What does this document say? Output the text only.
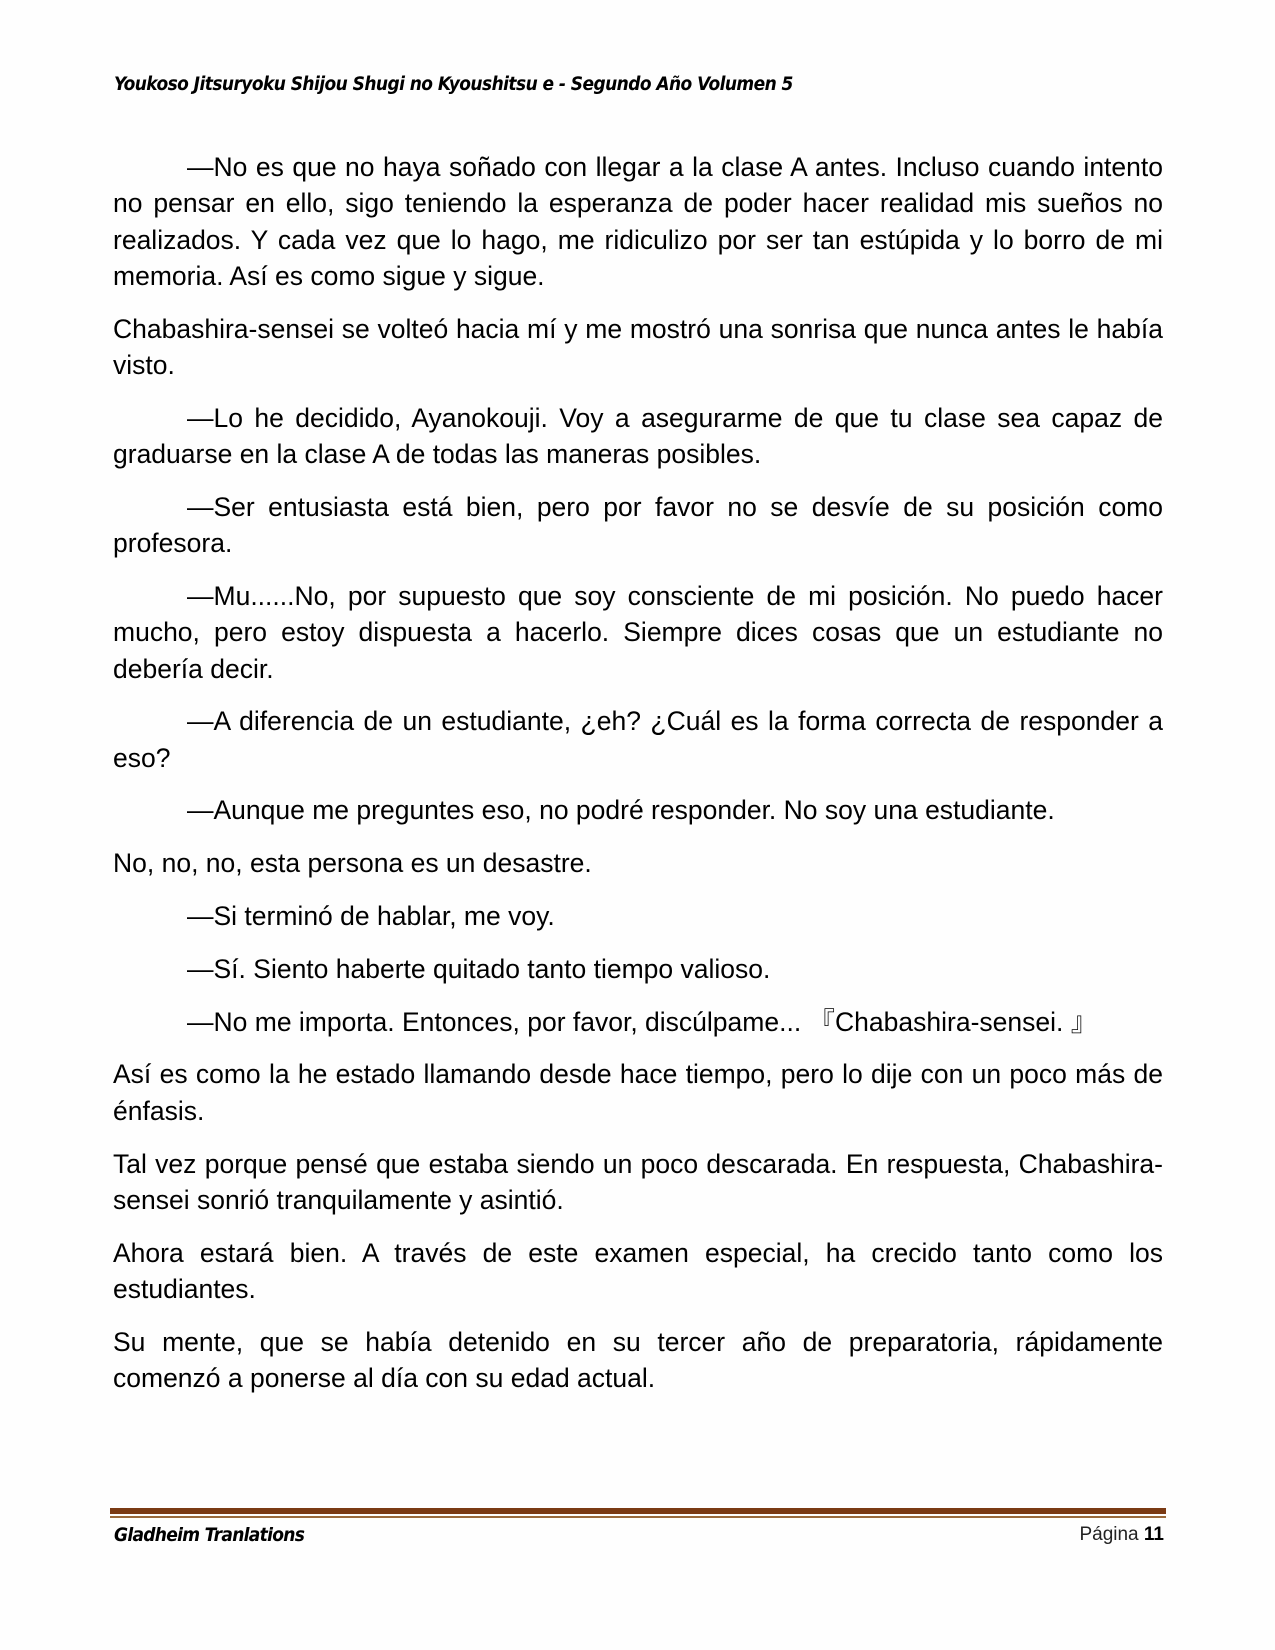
Youkoso Jitsuryoku Shijou Shugi no Kyoushitsu e - Segundo Año Volumen 5

—No es que no haya soñado con llegar a la clase A antes. Incluso cuando intento no pensar en ello, sigo teniendo la esperanza de poder hacer realidad mis sueños no realizados. Y cada vez que lo hago, me ridiculizo por ser tan estúpida y lo borro de mi memoria. Así es como sigue y sigue.

Chabashira-sensei se volteó hacia mí y me mostró una sonrisa que nunca antes le había visto.

—Lo he decidido, Ayanokouji. Voy a asegurarme de que tu clase sea capaz de graduarse en la clase A de todas las maneras posibles.

—Ser entusiasta está bien, pero por favor no se desvíe de su posición como profesora.

—Mu......No, por supuesto que soy consciente de mi posición. No puedo hacer mucho, pero estoy dispuesta a hacerlo. Siempre dices cosas que un estudiante no debería decir.

—A diferencia de un estudiante, ¿eh? ¿Cuál es la forma correcta de responder a eso?

—Aunque me preguntes eso, no podré responder. No soy una estudiante.

No, no, no, esta persona es un desastre.

—Si terminó de hablar, me voy.

—Sí. Siento haberte quitado tanto tiempo valioso.

—No me importa. Entonces, por favor, discúlpame... 『Chabashira-sensei. 』

Así es como la he estado llamando desde hace tiempo, pero lo dije con un poco más de énfasis.

Tal vez porque pensé que estaba siendo un poco descarada. En respuesta, Chabashira-sensei sonrió tranquilamente y asintió.

Ahora estará bien. A través de este examen especial, ha crecido tanto como los estudiantes.

Su mente, que se había detenido en su tercer año de preparatoria, rápidamente comenzó a ponerse al día con su edad actual.

Gladheim Tranlations	Página 11
